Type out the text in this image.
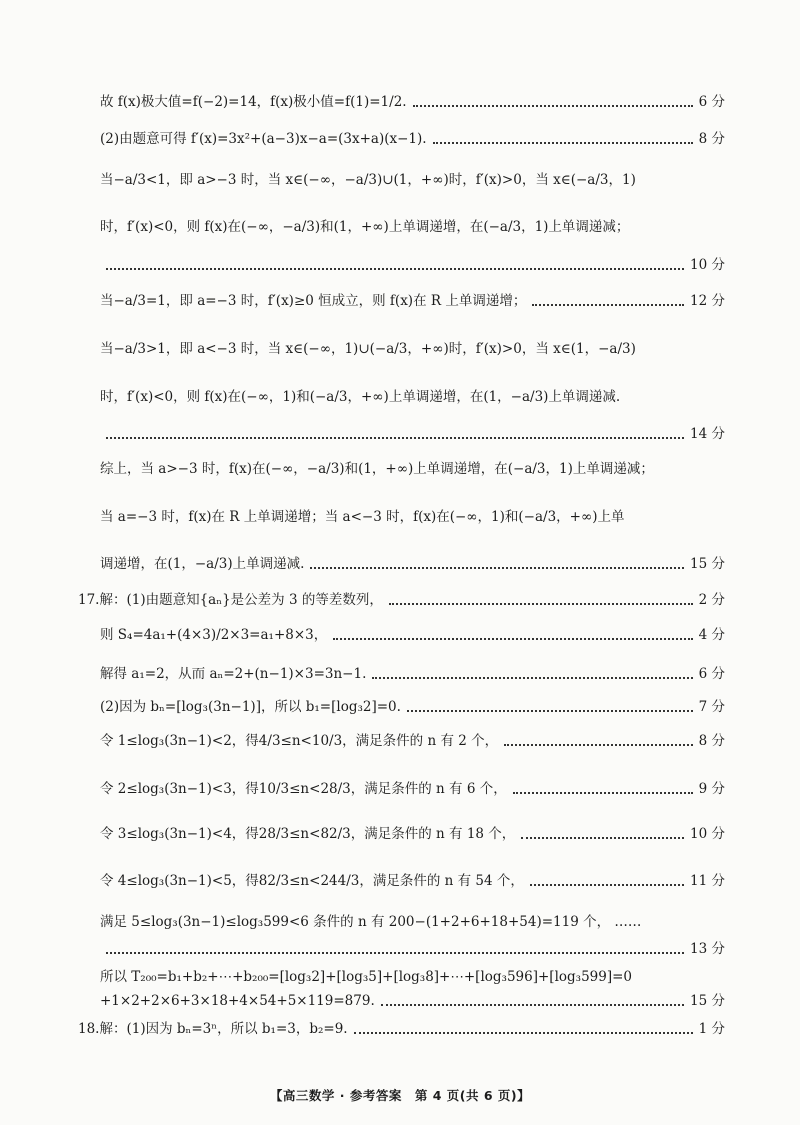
故 f(x)极大值=f(−2)=14，f(x)极小值=f(1)=1/2.	6 分
(2)由题意可得 f′(x)=3x²+(a−3)x−a=(3x+a)(x−1).	8 分
当−a/3<1，即 a>−3 时，当 x∈(−∞，−a/3)∪(1，+∞)时，f′(x)>0，当 x∈(−a/3，1)
时，f′(x)<0，则 f(x)在(−∞，−a/3)和(1，+∞)上单调递增，在(−a/3，1)上单调递减；
10 分
当−a/3=1，即 a=−3 时，f′(x)≥0 恒成立，则 f(x)在 R 上单调递增；	12 分
当−a/3>1，即 a<−3 时，当 x∈(−∞，1)∪(−a/3，+∞)时，f′(x)>0，当 x∈(1，−a/3)
时，f′(x)<0，则 f(x)在(−∞，1)和(−a/3，+∞)上单调递增，在(1，−a/3)上单调递减.
14 分
综上，当 a>−3 时，f(x)在(−∞，−a/3)和(1，+∞)上单调递增，在(−a/3，1)上单调递减；
当 a=−3 时，f(x)在 R 上单调递增；当 a<−3 时，f(x)在(−∞，1)和(−a/3，+∞)上单
调递增，在(1，−a/3)上单调递减.	15 分
17.解：(1)由题意知{aₙ}是公差为 3 的等差数列，	2 分
则 S₄=4a₁+(4×3)/2×3=a₁+8×3，	4 分
解得 a₁=2，从而 aₙ=2+(n−1)×3=3n−1.	6 分
(2)因为 bₙ=[log₃(3n−1)]，所以 b₁=[log₃2]=0.	7 分
令 1≤log₃(3n−1)<2，得4/3≤n<10/3，满足条件的 n 有 2 个，	8 分
令 2≤log₃(3n−1)<3，得10/3≤n<28/3，满足条件的 n 有 6 个，	9 分
令 3≤log₃(3n−1)<4，得28/3≤n<82/3，满足条件的 n 有 18 个，	10 分
令 4≤log₃(3n−1)<5，得82/3≤n<244/3，满足条件的 n 有 54 个，	11 分
满足 5≤log₃(3n−1)≤log₃599<6 条件的 n 有 200−(1+2+6+18+54)=119 个， ……
13 分
所以 T₂₀₀=b₁+b₂+⋯+b₂₀₀=[log₃2]+[log₃5]+[log₃8]+⋯+[log₃596]+[log₃599]=0
+1×2+2×6+3×18+4×54+5×119=879.	15 分
18.解：(1)因为 bₙ=3ⁿ，所以 b₁=3，b₂=9.	1 分
【高三数学 · 参考答案　第 4 页(共 6 页)】
